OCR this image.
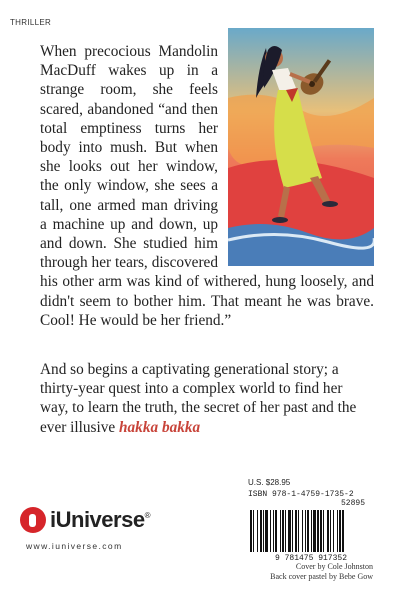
THRILLER

When precocious Mandolin MacDuff wakes up in a strange room, she feels scared, abandoned “and then total emptiness turns her body into mush. But when she looks out her window, the only window, she sees a tall, one armed man driving a machine up and down, up and down. She studied him through her tears, discovered his other arm was kind of withered, hung loosely, and didn't seem to bother him. That meant he was brave. Cool! He would be her friend.”

And so begins a captivating generational story; a thirty-year quest into a complex world to find her way, to learn the truth, the secret of her past and the ever illusive hakka bakka

iUniverse ®
www.iuniverse.com
U.S. $28.95
ISBN 978-1-4759-1735-2
52895
9 781475 917352
Cover by Cole Johnston
Back cover pastel by Bebe Gow
